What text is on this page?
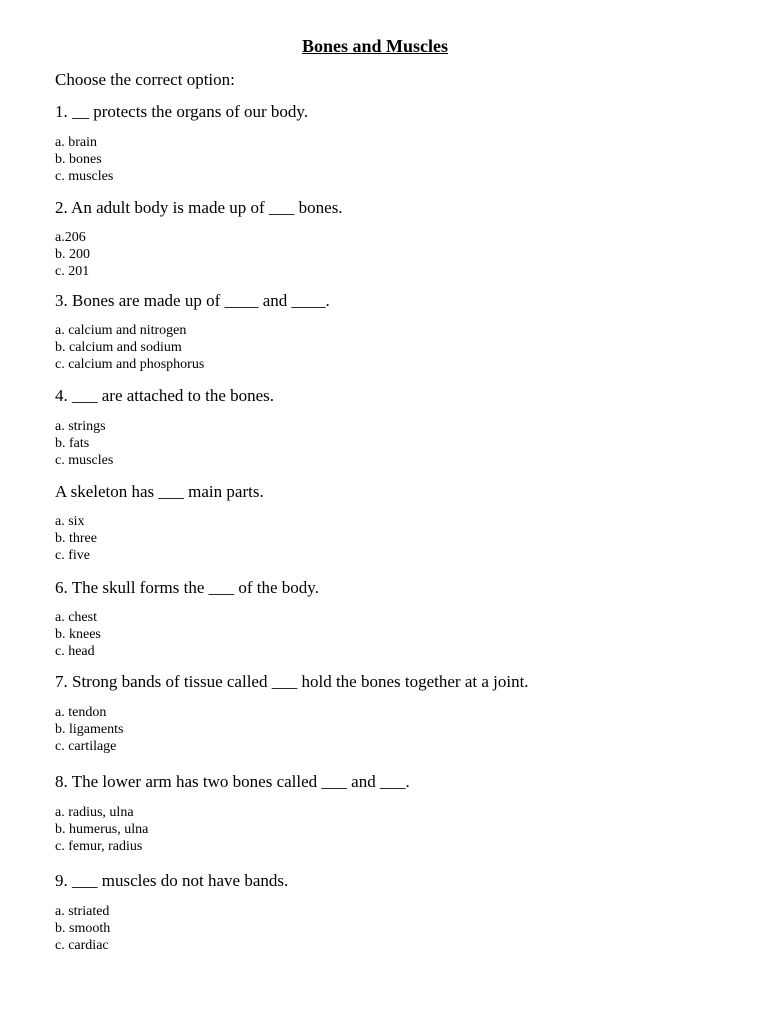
Bones and Muscles
Choose the correct option:

1. __ protects the organs of our body.

a. brain
b. bones
c. muscles

2. An adult body is made up of ___ bones.

a.206
b. 200
c. 201

3. Bones are made up of ____ and ____.

a. calcium and nitrogen
b. calcium and sodium
c. calcium and phosphorus

4. ___ are attached to the bones.

a. strings
b. fats
c. muscles

A skeleton has ___ main parts.

a. six
b. three
c. five

6. The skull forms the ___ of the body.

a. chest
b. knees
c. head

7. Strong bands of tissue called ___ hold the bones together at a joint.

a. tendon
b. ligaments
c. cartilage

8. The lower arm has two bones called ___ and ___.

a. radius, ulna
b. humerus, ulna
c. femur, radius

9. ___ muscles do not have bands.

a. striated
b. smooth
c. cardiac
